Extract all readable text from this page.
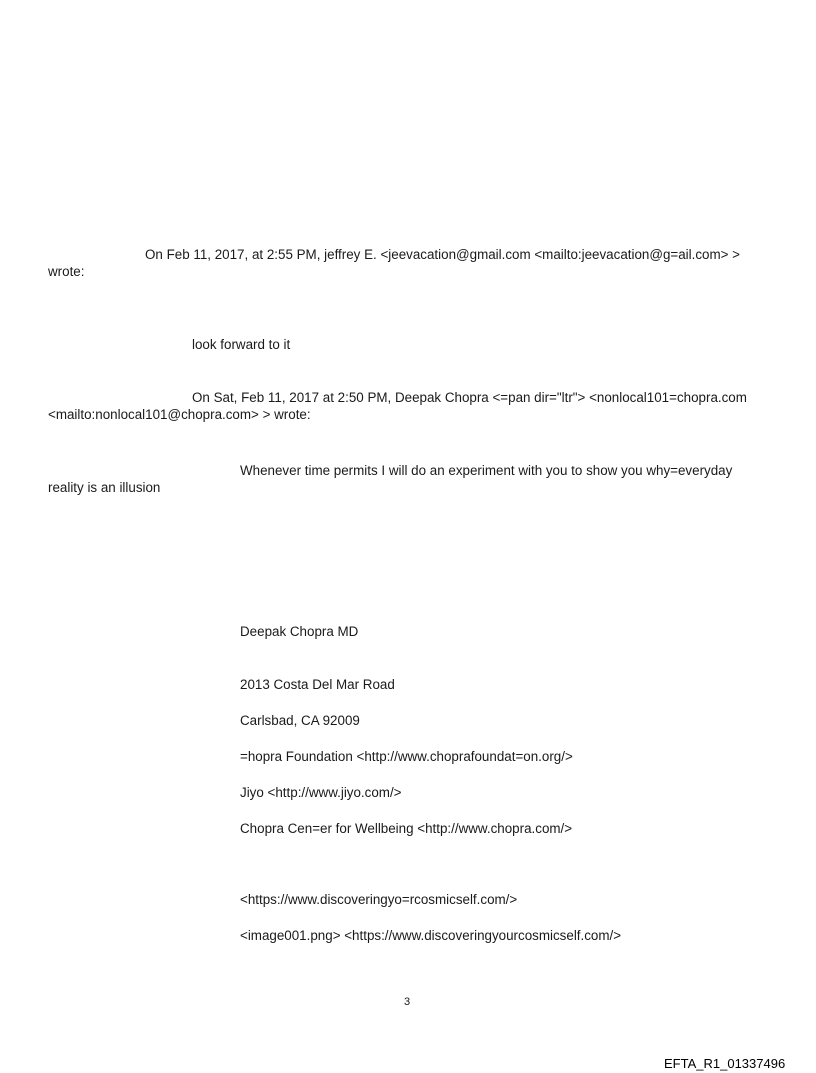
On Feb 11, 2017, at 2:55 PM, jeffrey E. <jeevacation@gmail.com <mailto:jeevacation@g=ail.com> >
wrote:
look forward to it
On Sat, Feb 11, 2017 at 2:50 PM, Deepak Chopra <=pan dir="ltr"> <nonlocal101=chopra.com
<mailto:nonlocal101@chopra.com> > wrote:
Whenever time permits I will do an experiment with you to show you why=everyday
reality is an illusion
Deepak Chopra MD
2013 Costa Del Mar Road
Carlsbad, CA 92009
=hopra Foundation <http://www.choprafoundat=on.org/>
Jiyo <http://www.jiyo.com/>
Chopra Cen=er for Wellbeing <http://www.chopra.com/>
<https://www.discoveringyo=rcosmicself.com/>
<image001.png> <https://www.discoveringyourcosmicself.com/>
3
EFTA_R1_01337496
